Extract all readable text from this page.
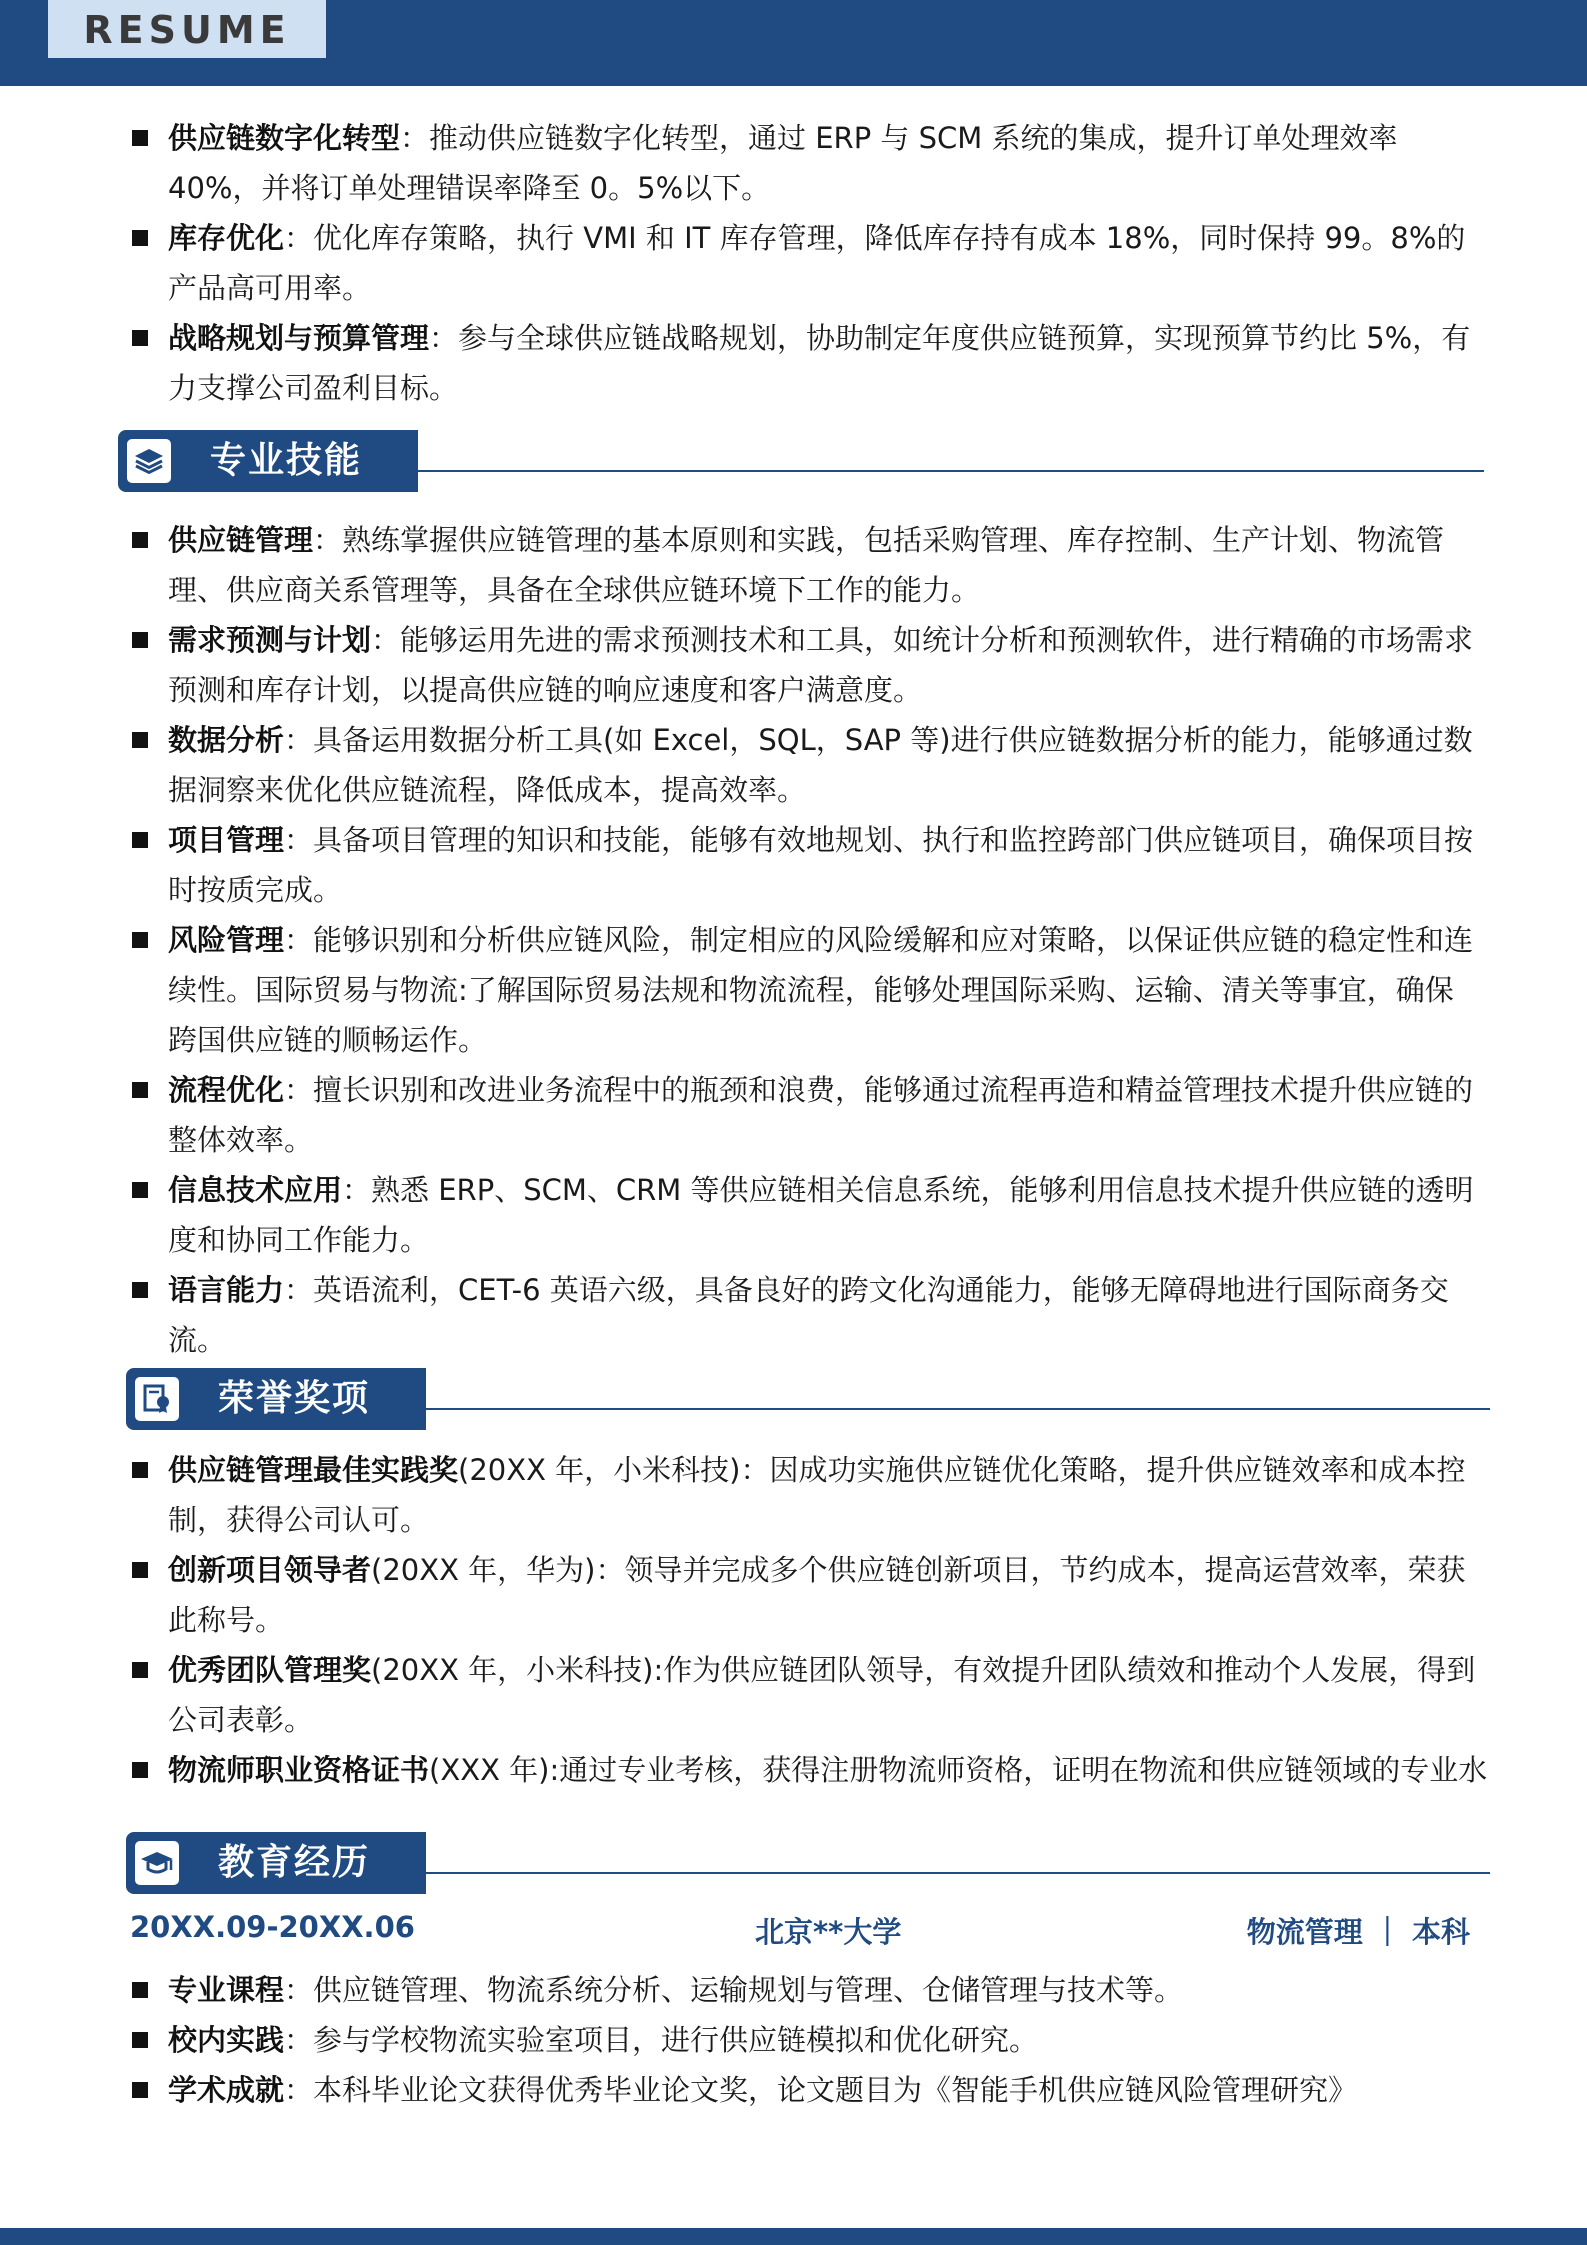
RESUME
供应链数字化转型：推动供应链数字化转型，通过 ERP 与 SCM 系统的集成，提升订单处理效率 40%，并将订单处理错误率降至 0。5%以下。
库存优化：优化库存策略，执行 VMI 和 IT 库存管理，降低库存持有成本 18%，同时保持 99。8%的产品高可用率。
战略规划与预算管理：参与全球供应链战略规划，协助制定年度供应链预算，实现预算节约比 5%，有力支撑公司盈利目标。
专业技能
供应链管理：熟练掌握供应链管理的基本原则和实践，包括采购管理、库存控制、生产计划、物流管理、供应商关系管理等，具备在全球供应链环境下工作的能力。
需求预测与计划：能够运用先进的需求预测技术和工具，如统计分析和预测软件，进行精确的市场需求预测和库存计划，以提高供应链的响应速度和客户满意度。
数据分析：具备运用数据分析工具(如 Excel，SQL，SAP 等)进行供应链数据分析的能力，能够通过数据洞察来优化供应链流程，降低成本，提高效率。
项目管理：具备项目管理的知识和技能，能够有效地规划、执行和监控跨部门供应链项目，确保项目按时按质完成。
风险管理：能够识别和分析供应链风险，制定相应的风险缓解和应对策略，以保证供应链的稳定性和连续性。国际贸易与物流:了解国际贸易法规和物流流程，能够处理国际采购、运输、清关等事宜，确保跨国供应链的顺畅运作。
流程优化：擅长识别和改进业务流程中的瓶颈和浪费，能够通过流程再造和精益管理技术提升供应链的整体效率。
信息技术应用：熟悉 ERP、SCM、CRM 等供应链相关信息系统，能够利用信息技术提升供应链的透明度和协同工作能力。
语言能力：英语流利，CET-6 英语六级，具备良好的跨文化沟通能力，能够无障碍地进行国际商务交流。
荣誉奖项
供应链管理最佳实践奖(20XX 年，小米科技)：因成功实施供应链优化策略，提升供应链效率和成本控制，获得公司认可。
创新项目领导者(20XX 年，华为)：领导并完成多个供应链创新项目，节约成本，提高运营效率，荣获此称号。
优秀团队管理奖(20XX 年，小米科技):作为供应链团队领导，有效提升团队绩效和推动个人发展，得到公司表彰。
物流师职业资格证书(XXX 年):通过专业考核，获得注册物流师资格，证明在物流和供应链领域的专业水
教育经历
20XX.09-20XX.06	北京**大学	物流管理 ｜ 本科
专业课程：供应链管理、物流系统分析、运输规划与管理、仓储管理与技术等。
校内实践：参与学校物流实验室项目，进行供应链模拟和优化研究。
学术成就：本科毕业论文获得优秀毕业论文奖，论文题目为《智能手机供应链风险管理研究》
